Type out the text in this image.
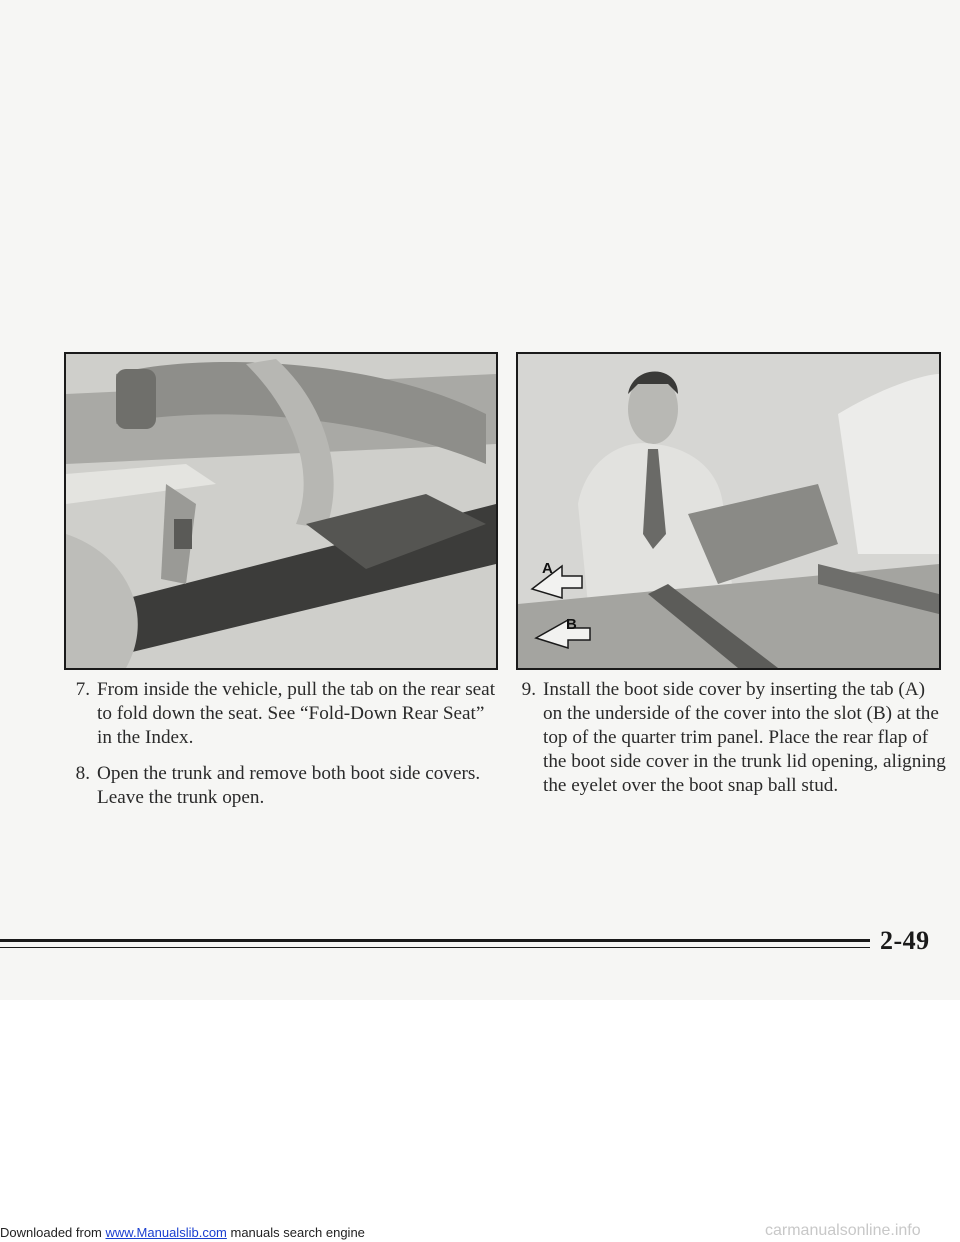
A
B

7. From inside the vehicle, pull the tab on the rear seat to fold down the seat. See “Fold-Down Rear Seat” in the Index.

8. Open the trunk and remove both boot side covers. Leave the trunk open.

9. Install the boot side cover by inserting the tab (A) on the underside of the cover into the slot (B) at the top of the quarter trim panel. Place the rear flap of the boot side cover in the trunk lid opening, aligning the eyelet over the boot snap ball stud.

2-49
Downloaded from www.Manualslib.com manuals search engine	carmanualsonline.info
